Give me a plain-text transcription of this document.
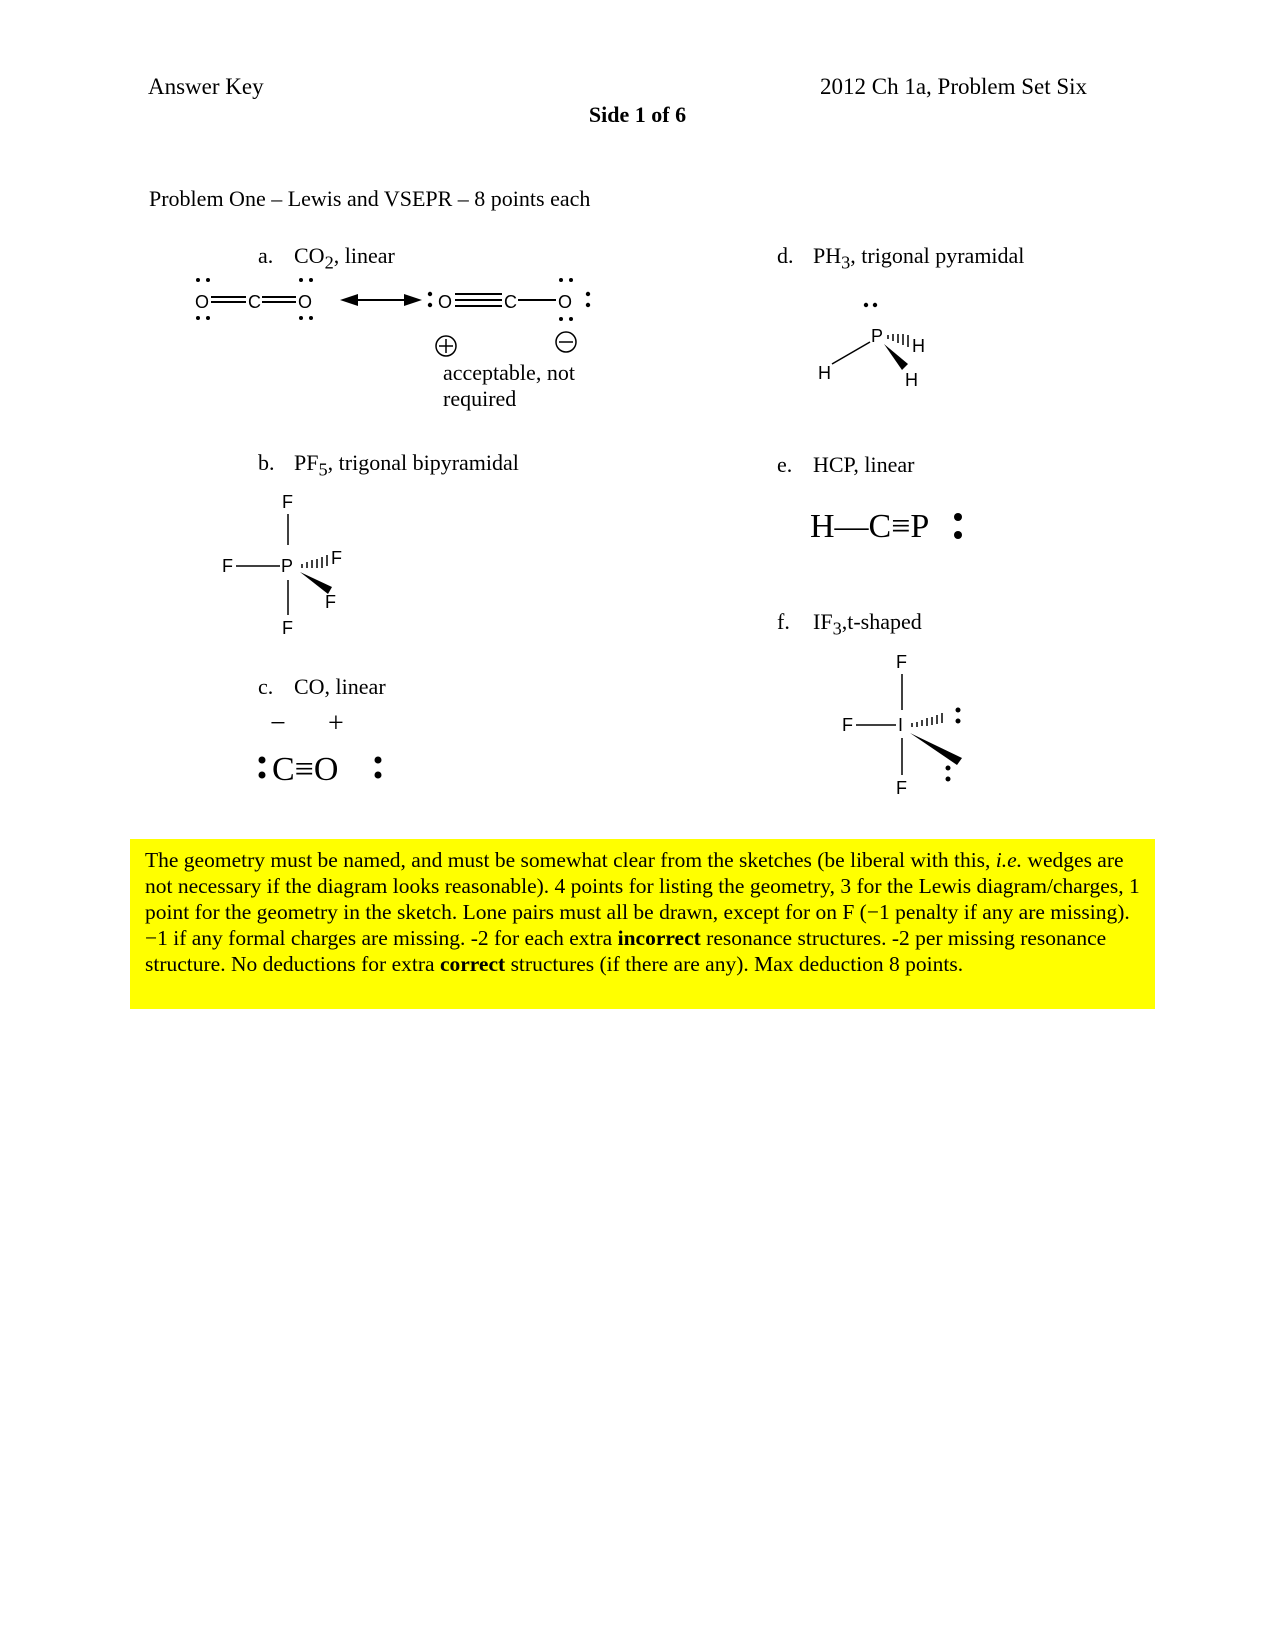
Answer Key	2012 Ch 1a, Problem Set Six
Side 1 of 6
Problem One – Lewis and VSEPR – 8 points each
a. $CO_2$, linear
b. $PF_5$, trigonal bipyramidal
c. CO, linear
d. $PH_3$, trigonal pyramidal
e. HCP, linear
f. $IF_3,t$-shaped
O C O	O	C O
acceptable, not
required
F
F	P F
F
F
− +
C≡O
P
H
H
H
H—C≡P
F
F	I
F
The geometry must be named, and must be somewhat clear from the sketches (be liberal with this, i.e. wedges are not necessary if the diagram looks reasonable). 4 points for listing the geometry, 3 for the Lewis diagram/charges, 1 point for the geometry in the sketch. Lone pairs must all be drawn, except for on F (−1 penalty if any are missing). −1 if any formal charges are missing. -2 for each extra incorrect resonance structures. -2 per missing resonance structure. No deductions for extra correct structures (if there are any). Max deduction 8 points.
